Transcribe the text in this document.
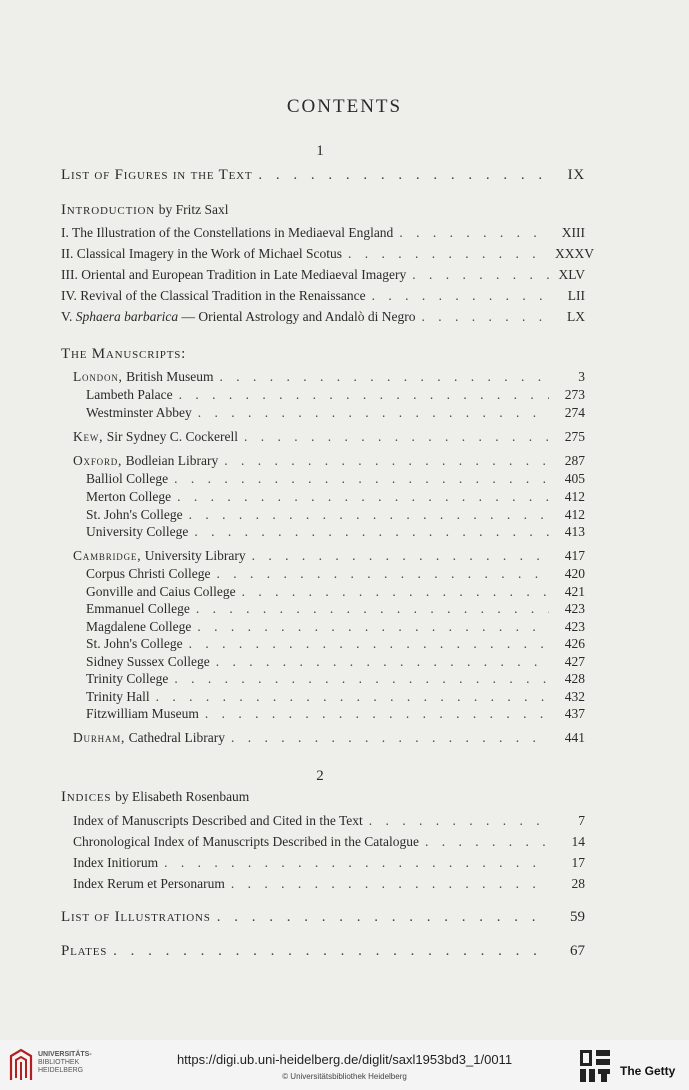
CONTENTS
1
List of Figures in the Text . . .	IX
Introduction by Fritz Saxl
I. The Illustration of the Constellations in Mediaeval England . . .	XIII
II. Classical Imagery in the Work of Michael Scotus . . .	XXXV
III. Oriental and European Tradition in Late Mediaeval Imagery . . .	XLV
IV. Revival of the Classical Tradition in the Renaissance . . .	LII
V. Sphaera barbarica — Oriental Astrology and Andalò di Negro . . .	LX
The Manuscripts:
London, British Museum . . .	3
Lambeth Palace . . .	273
Westminster Abbey . . .	274
Kew, Sir Sydney C. Cockerell . . .	275
Oxford, Bodleian Library . . .	287
Balliol College . . .	405
Merton College . . .	412
St. John's College . . .	412
University College . . .	413
Cambridge, University Library . . .	417
Corpus Christi College . . .	420
Gonville and Caius College . . .	421
Emmanuel College . . .	423
Magdalene College . . .	423
St. John's College . . .	426
Sidney Sussex College . . .	427
Trinity College . . .	428
Trinity Hall . . .	432
Fitzwilliam Museum . . .	437
Durham, Cathedral Library . . .	441
2
Indices by Elisabeth Rosenbaum
Index of Manuscripts Described and Cited in the Text . . .	7
Chronological Index of Manuscripts Described in the Catalogue . . .	14
Index Initiorum . . .	17
Index Rerum et Personarum . . .	28
List of Illustrations . . .	59
Plates . . .	67
UNIVERSITÄTS-
BIBLIOTHEK
HEIDELBERG
https://digi.ub.uni-heidelberg.de/diglit/saxl1953bd3_1/0011
© Universitätsbibliothek Heidelberg	The Getty
